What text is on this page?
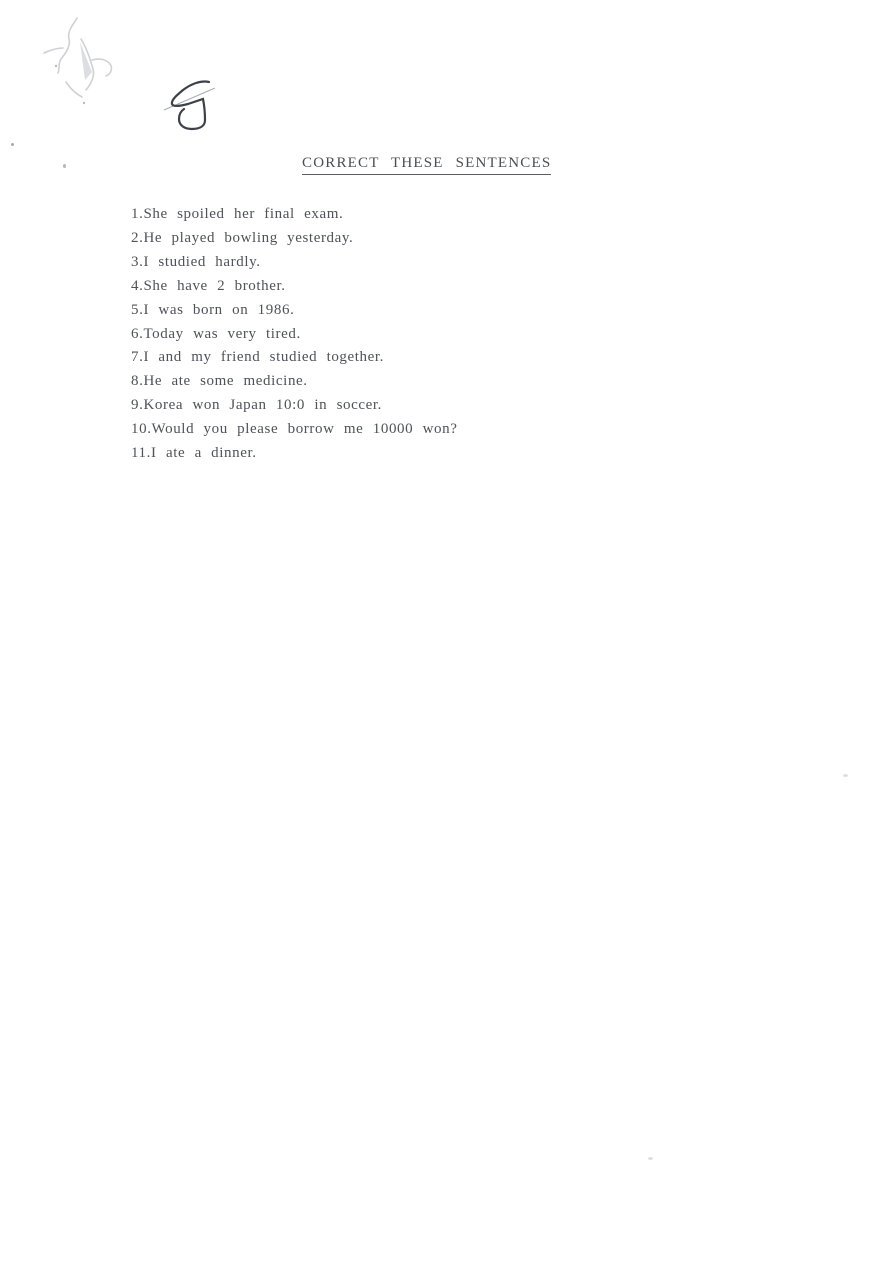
CORRECT THESE SENTENCES
1.She spoiled her final exam.
2.He played bowling yesterday.
3.I studied hardly.
4.She have 2 brother.
5.I was born on 1986.
6.Today was very tired.
7.I and my friend studied together.
8.He ate some medicine.
9.Korea won Japan 10:0 in soccer.
10.Would you please borrow me 10000 won?
11.I ate a dinner.
